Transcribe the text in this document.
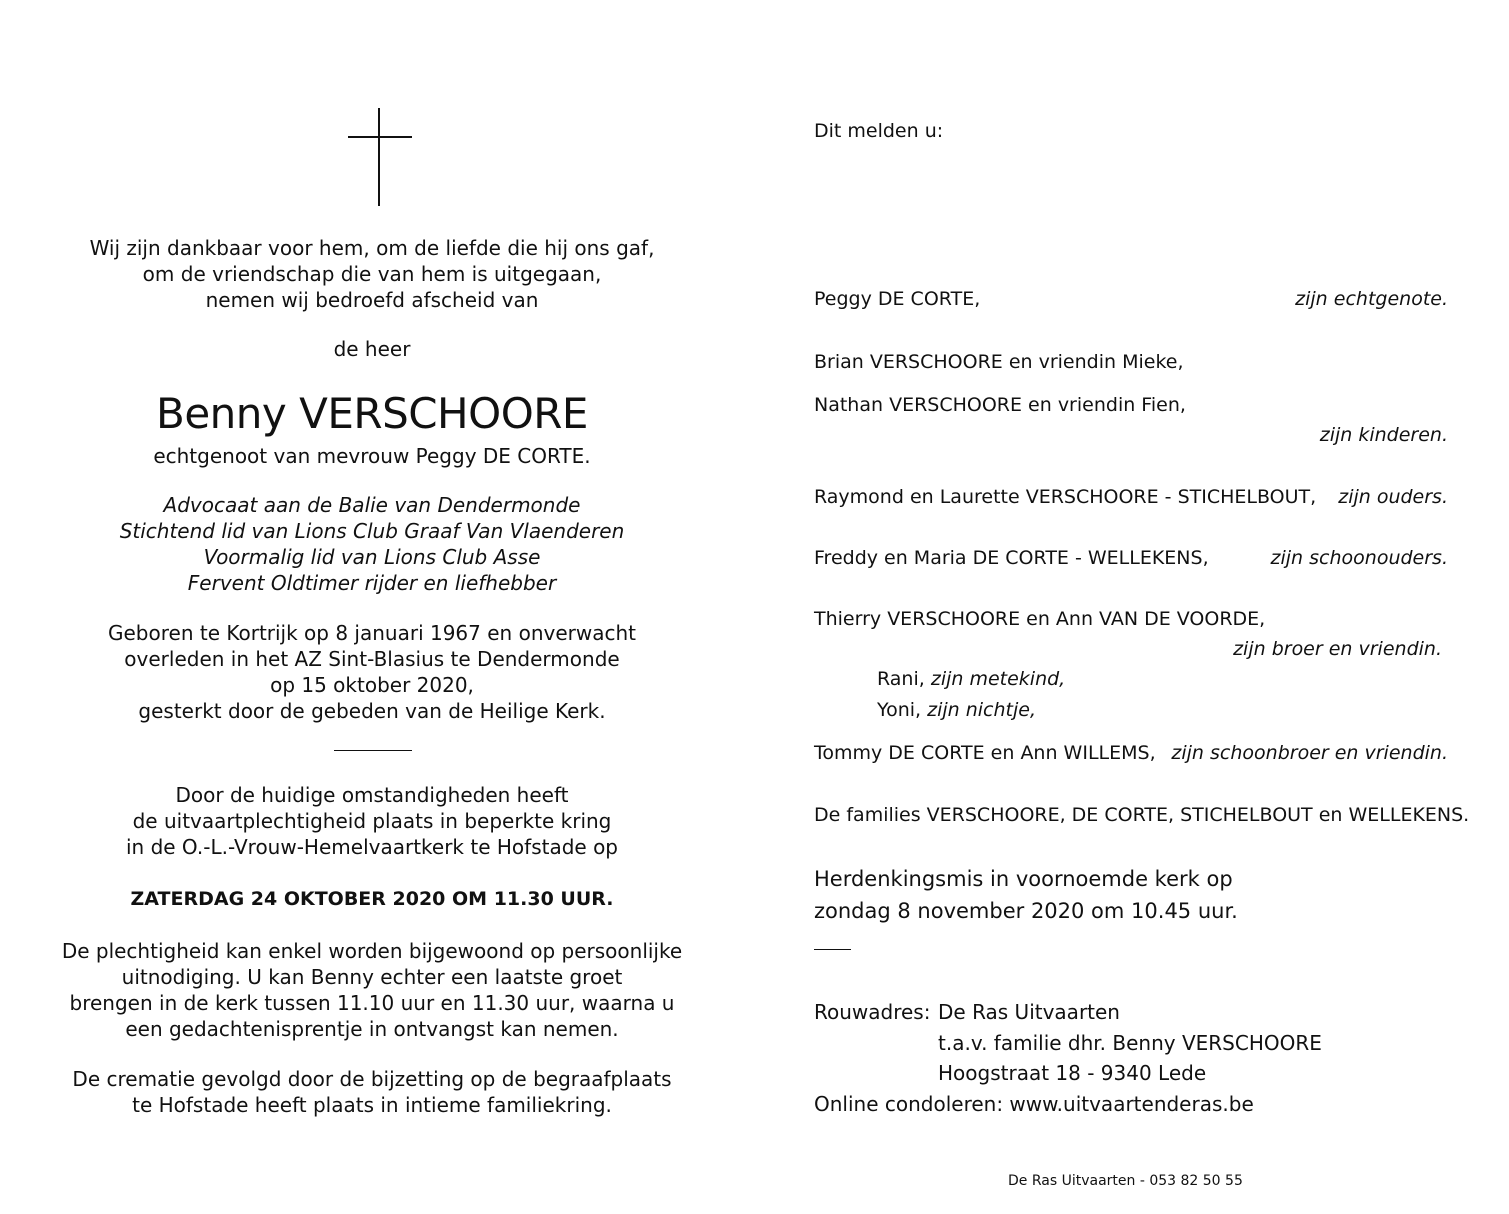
Wij zijn dankbaar voor hem, om de liefde die hij ons gaf,
om de vriendschap die van hem is uitgegaan,
nemen wij bedroefd afscheid van
de heer
Benny VERSCHOORE
echtgenoot van mevrouw Peggy DE CORTE.
Advocaat aan de Balie van Dendermonde
Stichtend lid van Lions Club Graaf Van Vlaenderen
Voormalig lid van Lions Club Asse
Fervent Oldtimer rijder en liefhebber
Geboren te Kortrijk op 8 januari 1967 en onverwacht
overleden in het AZ Sint-Blasius te Dendermonde
op 15 oktober 2020,
gesterkt door de gebeden van de Heilige Kerk.
Door de huidige omstandigheden heeft
de uitvaartplechtigheid plaats in beperkte kring
in de O.-L.-Vrouw-Hemelvaartkerk te Hofstade op
ZATERDAG 24 OKTOBER 2020 OM 11.30 UUR.
De plechtigheid kan enkel worden bijgewoond op persoonlijke
uitnodiging. U kan Benny echter een laatste groet
brengen in de kerk tussen 11.10 uur en 11.30 uur, waarna u
een gedachtenisprentje in ontvangst kan nemen.
De crematie gevolgd door de bijzetting op de begraafplaats
te Hofstade heeft plaats in intieme familiekring.
Dit melden u:
Peggy DE CORTE,	zijn echtgenote.
Brian VERSCHOORE en vriendin Mieke,
Nathan VERSCHOORE en vriendin Fien,
zijn kinderen.
Raymond en Laurette VERSCHOORE - STICHELBOUT, zijn ouders.
Freddy en Maria DE CORTE - WELLEKENS,	zijn schoonouders.
Thierry VERSCHOORE en Ann VAN DE VOORDE,
zijn broer en vriendin.
Rani, zijn metekind,
Yoni, zijn nichtje,
Tommy DE CORTE en Ann WILLEMS, zijn schoonbroer en vriendin.
De families VERSCHOORE, DE CORTE, STICHELBOUT en WELLEKENS.
Herdenkingsmis in voornoemde kerk op
zondag 8 november 2020 om 10.45 uur.
Rouwadres: De Ras Uitvaarten
t.a.v. familie dhr. Benny VERSCHOORE
Hoogstraat 18 - 9340 Lede
Online condoleren: www.uitvaartenderas.be
De Ras Uitvaarten - 053 82 50 55
